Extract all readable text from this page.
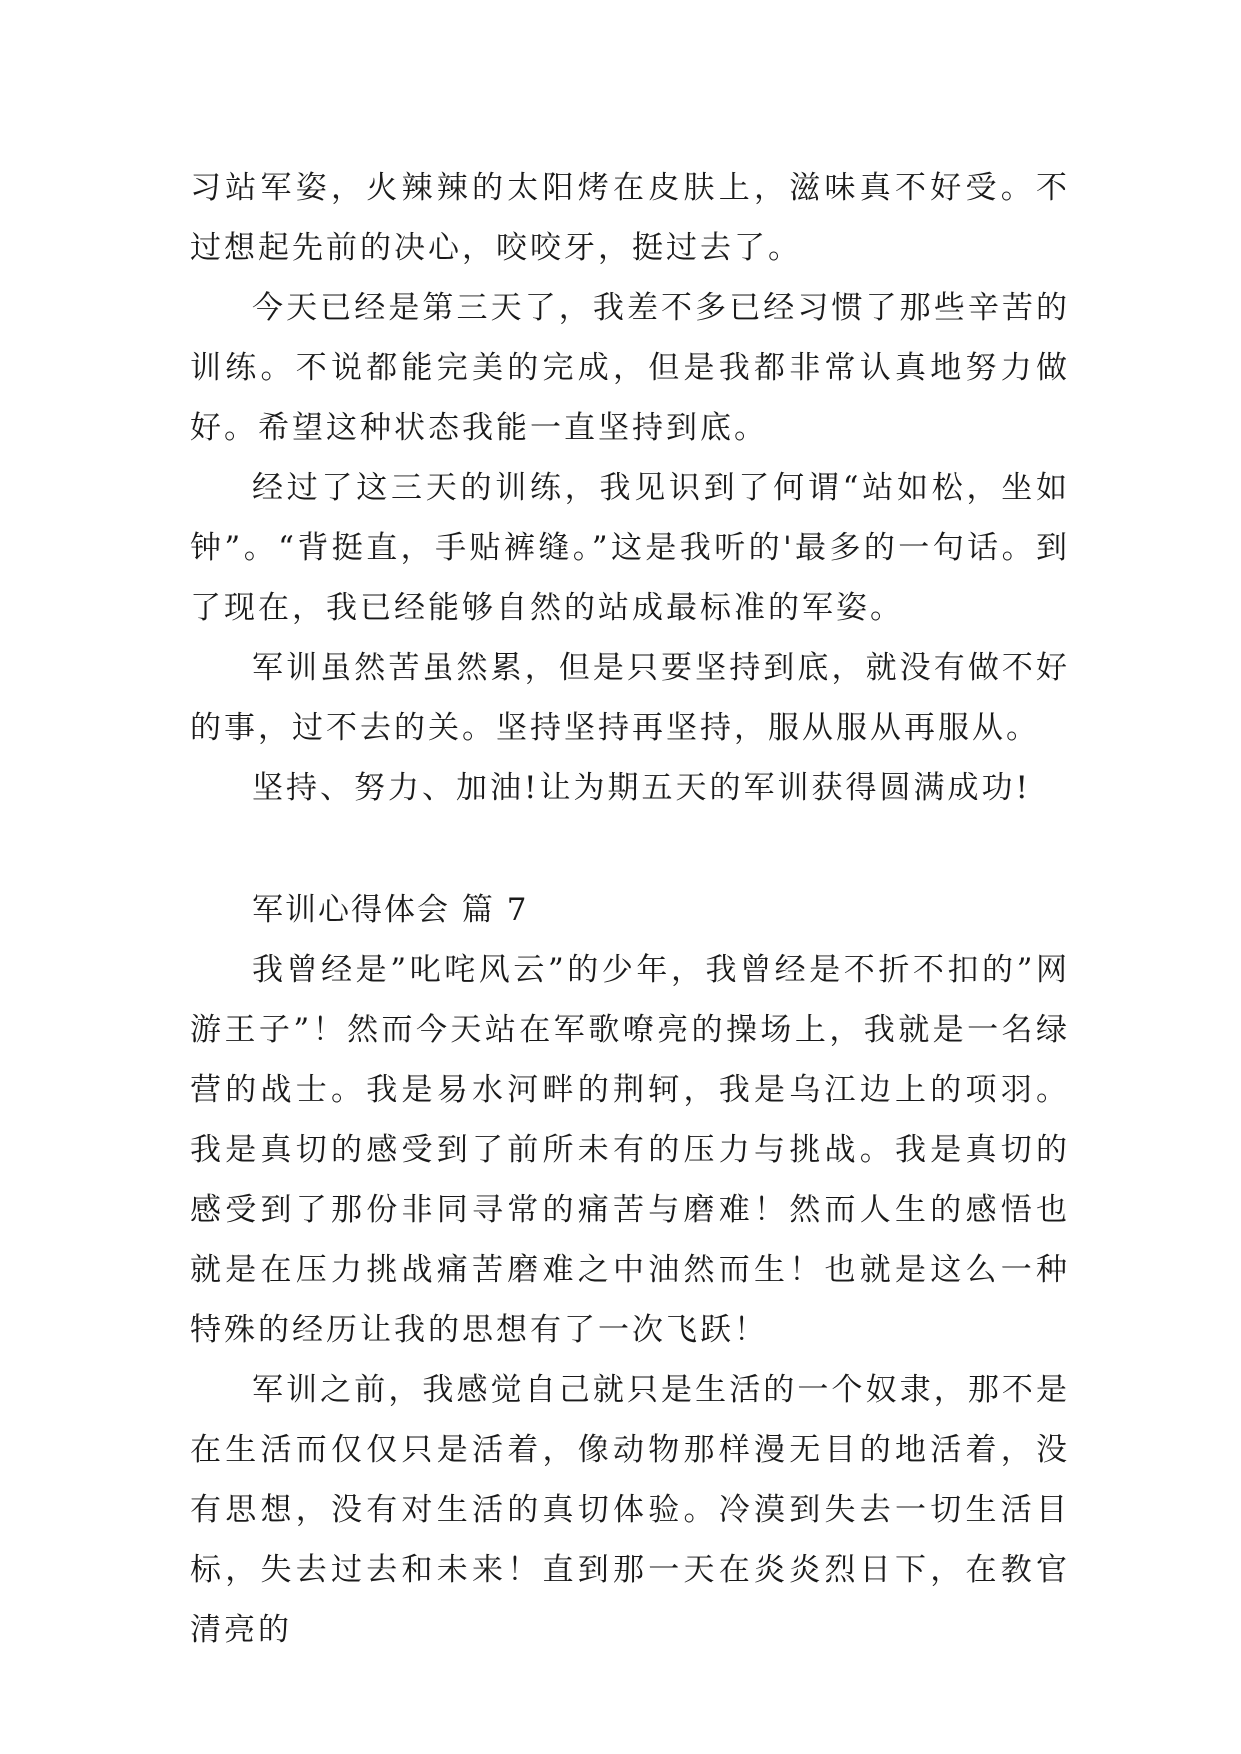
习站军姿，火辣辣的太阳烤在皮肤上，滋味真不好受。不过想起先前的决心，咬咬牙，挺过去了。

今天已经是第三天了，我差不多已经习惯了那些辛苦的训练。不说都能完美的完成，但是我都非常认真地努力做好。希望这种状态我能一直坚持到底。

经过了这三天的训练，我见识到了何谓“站如松，坐如钟”。“背挺直，手贴裤缝。”这是我听的'最多的一句话。到了现在，我已经能够自然的站成最标准的军姿。

军训虽然苦虽然累，但是只要坚持到底，就没有做不好的事，过不去的关。坚持坚持再坚持，服从服从再服从。

坚持、努力、加油!让为期五天的军训获得圆满成功!

军训心得体会 篇 7

我曾经是”叱咤风云”的少年，我曾经是不折不扣的”网游王子”！然而今天站在军歌嘹亮的操场上，我就是一名绿营的战士。我是易水河畔的荆轲，我是乌江边上的项羽。我是真切的感受到了前所未有的压力与挑战。我是真切的感受到了那份非同寻常的痛苦与磨难！然而人生的感悟也就是在压力挑战痛苦磨难之中油然而生！也就是这么一种特殊的经历让我的思想有了一次飞跃！

军训之前，我感觉自己就只是生活的一个奴隶，那不是在生活而仅仅只是活着，像动物那样漫无目的地活着，没有思想，没有对生活的真切体验。冷漠到失去一切生活目标，失去过去和未来！直到那一天在炎炎烈日下，在教官清亮的
